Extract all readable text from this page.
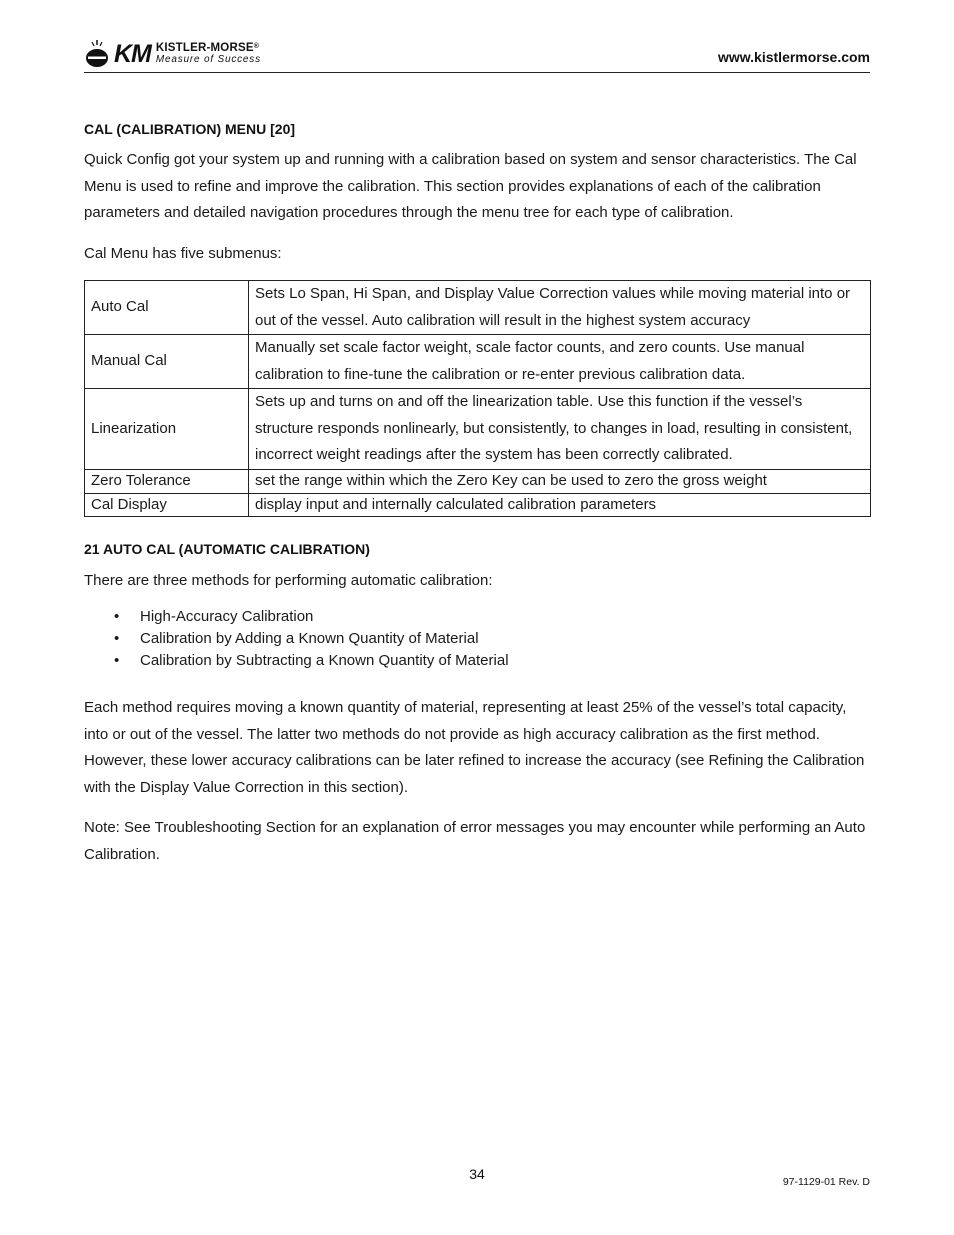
KM KISTLER-MORSE®
Measure of Success	www.kistlermorse.com
CAL (CALIBRATION) MENU [20]

Quick Config got your system up and running with a calibration based on system and sensor characteristics. The Cal Menu is used to refine and improve the calibration. This section provides explanations of each of the calibration parameters and detailed navigation procedures through the menu tree for each type of calibration.

Cal Menu has five submenus:

Auto Cal	Sets Lo Span, Hi Span, and Display Value Correction values while moving material into or out of the vessel. Auto calibration will result in the highest system accuracy
Manual Cal	Manually set scale factor weight, scale factor counts, and zero counts. Use manual calibration to fine-tune the calibration or re-enter previous calibration data.
Linearization	Sets up and turns on and off the linearization table. Use this function if the vessel’s structure responds nonlinearly, but consistently, to changes in load, resulting in consistent, incorrect weight readings after the system has been correctly calibrated.
Zero Tolerance	set the range within which the Zero Key can be used to zero the gross weight
Cal Display	display input and internally calculated calibration parameters
21 AUTO CAL (AUTOMATIC CALIBRATION)

There are three methods for performing automatic calibration:

• High-Accuracy Calibration
• Calibration by Adding a Known Quantity of Material
• Calibration by Subtracting a Known Quantity of Material

Each method requires moving a known quantity of material, representing at least 25% of the vessel’s total capacity, into or out of the vessel. The latter two methods do not provide as high accuracy calibration as the first method. However, these lower accuracy calibrations can be later refined to increase the accuracy (see Refining the Calibration with the Display Value Correction in this section).

Note: See Troubleshooting Section for an explanation of error messages you may encounter while performing an Auto Calibration.

34	97-1129-01 Rev. D
